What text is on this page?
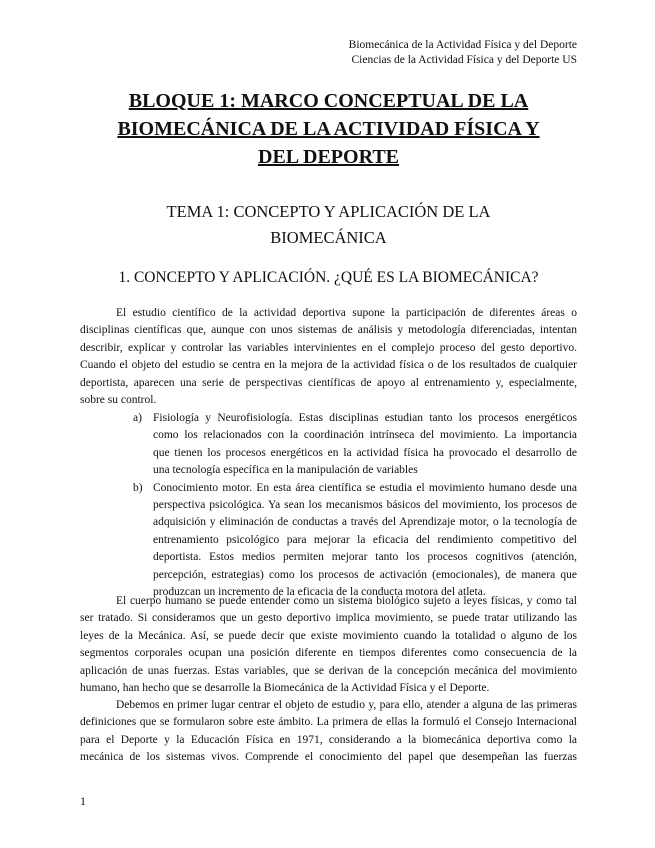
Biomecánica de la Actividad Física y del Deporte
Ciencias de la Actividad Física y del Deporte US
BLOQUE 1: MARCO CONCEPTUAL DE LA
BIOMECÁNICA DE LA ACTIVIDAD FÍSICA Y
DEL DEPORTE
TEMA 1: CONCEPTO Y APLICACIÓN DE LA
BIOMECÁNICA
1. CONCEPTO Y APLICACIÓN. ¿QUÉ ES LA BIOMECÁNICA?
El estudio científico de la actividad deportiva supone la participación de diferentes áreas o
disciplinas científicas que, aunque con unos sistemas de análisis y metodología diferenciadas, intentan
describir, explicar y controlar las variables intervinientes en el complejo proceso del gesto deportivo.
Cuando el objeto del estudio se centra en la mejora de la actividad física o de los resultados de cualquier
deportista, aparecen una serie de perspectivas científicas de apoyo al entrenamiento y, especialmente,
sobre su control.
a) Fisiología y Neurofisiología. Estas disciplinas estudian tanto los procesos energéticos
como los relacionados con la coordinación intrínseca del movimiento. La importancia
que tienen los procesos energéticos en la actividad física ha provocado el desarrollo de
una tecnología específica en la manipulación de variables
b) Conocimiento motor. En esta área científica se estudia el movimiento humano desde una
perspectiva psicológica. Ya sean los mecanismos básicos del movimiento, los procesos de
adquisición y eliminación de conductas a través del Aprendizaje motor, o la tecnología de
entrenamiento psicológico para mejorar la eficacia del rendimiento competitivo del
deportista. Estos medios permiten mejorar tanto los procesos cognitivos (atención,
percepción, estrategias) como los procesos de activación (emocionales), de manera que
produzcan un incremento de la eficacia de la conducta motora del atleta.
El cuerpo humano se puede entender como un sistema biológico sujeto a leyes físicas, y como tal
ser tratado. Si consideramos que un gesto deportivo implica movimiento, se puede tratar utilizando las
leyes de la Mecánica. Así, se puede decir que existe movimiento cuando la totalidad o alguno de los
segmentos corporales ocupan una posición diferente en tiempos diferentes como consecuencia de la
aplicación de unas fuerzas. Estas variables, que se derivan de la concepción mecánica del movimiento
humano, han hecho que se desarrolle la Biomecánica de la Actividad Física y el Deporte.
Debemos en primer lugar centrar el objeto de estudio y, para ello, atender a alguna de las primeras
definiciones que se formularon sobre este ámbito. La primera de ellas la formuló el Consejo Internacional
para el Deporte y la Educación Física en 1971, considerando a la biomecánica deportiva como la
mecánica de los sistemas vivos. Comprende el conocimiento del papel que desempeñan las fuerzas
1
